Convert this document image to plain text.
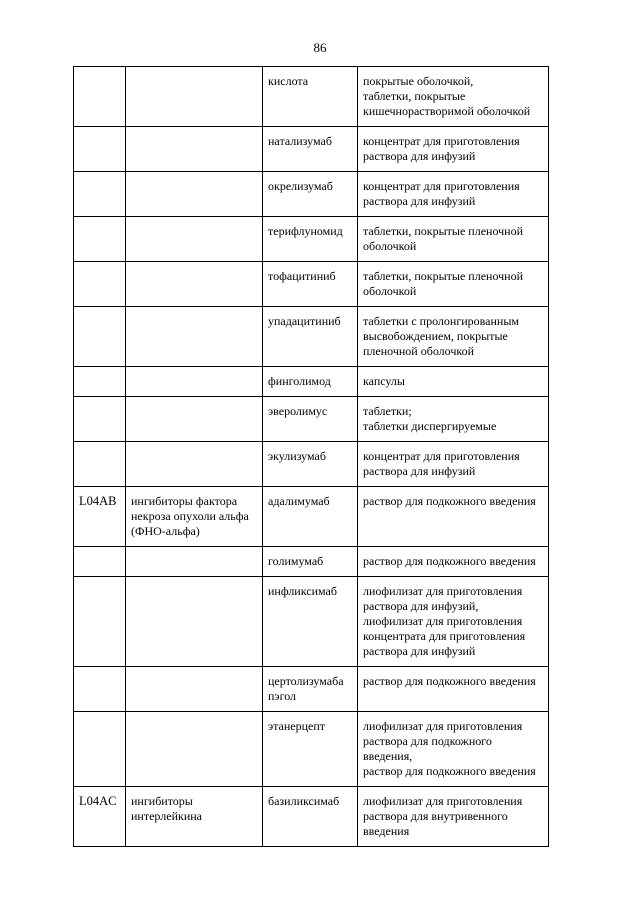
86
		кислота	покрытые оболочкой,
таблетки, покрытые
кишечнорастворимой оболочкой
		натализумаб	концентрат для приготовления
раствора для инфузий
		окрелизумаб	концентрат для приготовления
раствора для инфузий
		терифлуномид	таблетки, покрытые пленочной
оболочкой
		тофацитиниб	таблетки, покрытые пленочной
оболочкой
		упадацитиниб	таблетки с пролонгированным
высвобождением, покрытые
пленочной оболочкой
		финголимод	капсулы
		эверолимус	таблетки;
таблетки диспергируемые
		экулизумаб	концентрат для приготовления
раствора для инфузий
L04AB	ингибиторы фактора
некроза опухоли альфа
(ФНО-альфа)	адалимумаб	раствор для подкожного введения
		голимумаб	раствор для подкожного введения
		инфликсимаб	лиофилизат для приготовления
раствора для инфузий,
лиофилизат для приготовления
концентрата для приготовления
раствора для инфузий
		цертолизумаба
пэгол	раствор для подкожного введения
		этанерцепт	лиофилизат для приготовления
раствора для подкожного
введения,
раствор для подкожного введения
L04AC	ингибиторы
интерлейкина	базиликсимаб	лиофилизат для приготовления
раствора для внутривенного
введения
